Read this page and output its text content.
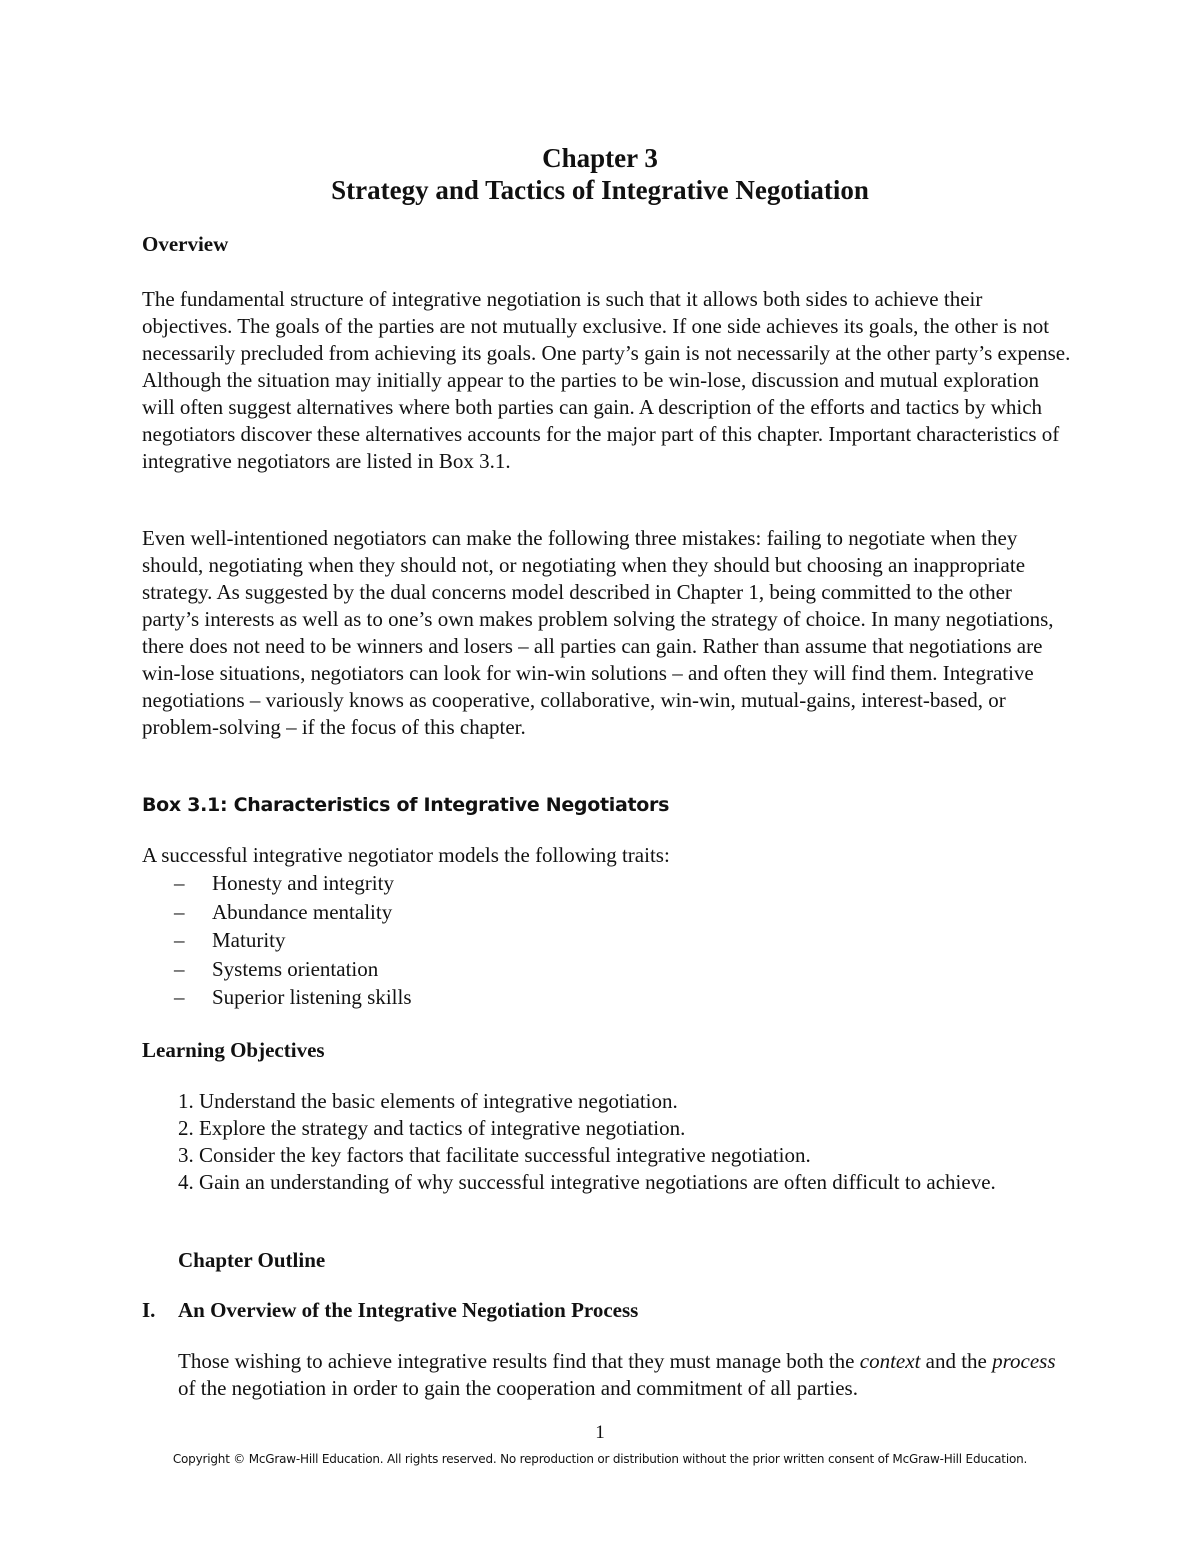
Chapter 3
Strategy and Tactics of Integrative Negotiation
Overview

The fundamental structure of integrative negotiation is such that it allows both sides to achieve their objectives. The goals of the parties are not mutually exclusive. If one side achieves its goals, the other is not necessarily precluded from achieving its goals. One party’s gain is not necessarily at the other party’s expense. Although the situation may initially appear to the parties to be win-lose, discussion and mutual exploration will often suggest alternatives where both parties can gain. A description of the efforts and tactics by which negotiators discover these alternatives accounts for the major part of this chapter. Important characteristics of integrative negotiators are listed in Box 3.1.

Even well-intentioned negotiators can make the following three mistakes: failing to negotiate when they should, negotiating when they should not, or negotiating when they should but choosing an inappropriate strategy. As suggested by the dual concerns model described in Chapter 1, being committed to the other party’s interests as well as to one’s own makes problem solving the strategy of choice. In many negotiations, there does not need to be winners and losers – all parties can gain. Rather than assume that negotiations are win-lose situations, negotiators can look for win-win solutions – and often they will find them. Integrative negotiations – variously knows as cooperative, collaborative, win-win, mutual-gains, interest-based, or problem-solving – if the focus of this chapter.

Box 3.1: Characteristics of Integrative Negotiators

A successful integrative negotiator models the following traits:

– Honesty and integrity
– Abundance mentality
– Maturity
– Systems orientation
– Superior listening skills
Learning Objectives
1. Understand the basic elements of integrative negotiation.
2. Explore the strategy and tactics of integrative negotiation.
3. Consider the key factors that facilitate successful integrative negotiation.
4. Gain an understanding of why successful integrative negotiations are often difficult to achieve.
Chapter Outline
I. An Overview of the Integrative Negotiation Process

Those wishing to achieve integrative results find that they must manage both the context and the process of the negotiation in order to gain the cooperation and commitment of all parties.

1
Copyright © McGraw-Hill Education. All rights reserved. No reproduction or distribution without the prior written consent of McGraw-Hill Education.
